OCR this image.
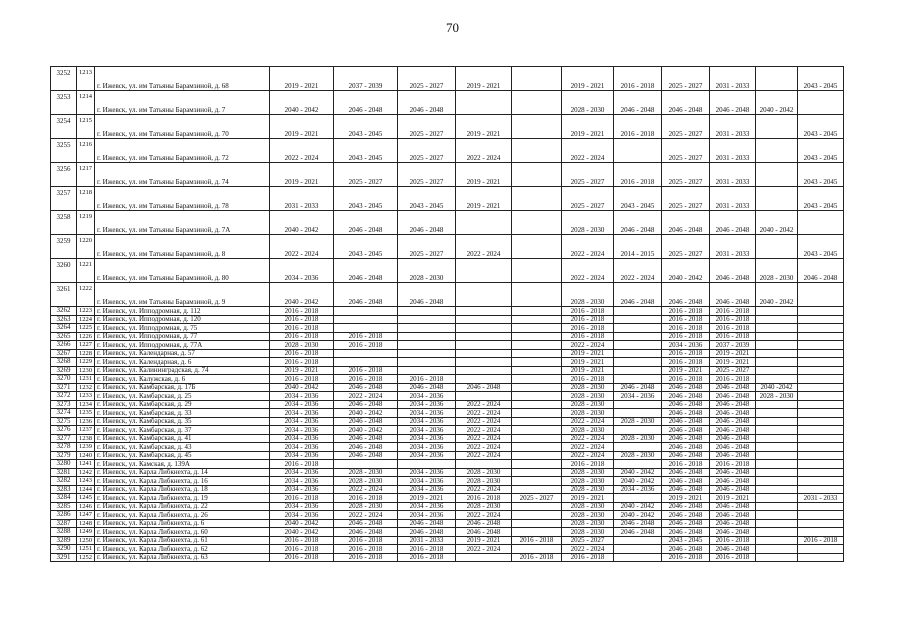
70
3252	1213	г. Ижевск, ул. им Татьяны Барамзиной, д. 68	2019 - 2021	2037 - 2039	2025 - 2027	2019 - 2021		2019 - 2021	2016 - 2018	2025 - 2027	2031 - 2033		2043 - 2045
3253	1214	г. Ижевск, ул. им Татьяны Барамзиной, д. 7	2040 - 2042	2046 - 2048	2046 - 2048			2028 - 2030	2046 - 2048	2046 - 2048	2046 - 2048	2040 - 2042	
3254	1215	г. Ижевск, ул. им Татьяны Барамзиной, д. 70	2019 - 2021	2043 - 2045	2025 - 2027	2019 - 2021		2019 - 2021	2016 - 2018	2025 - 2027	2031 - 2033		2043 - 2045
3255	1216	г. Ижевск, ул. им Татьяны Барамзиной, д. 72	2022 - 2024	2043 - 2045	2025 - 2027	2022 - 2024		2022 - 2024		2025 - 2027	2031 - 2033		2043 - 2045
3256	1217	г. Ижевск, ул. им Татьяны Барамзиной, д. 74	2019 - 2021	2025 - 2027	2025 - 2027	2019 - 2021		2025 - 2027	2016 - 2018	2025 - 2027	2031 - 2033		2043 - 2045
3257	1218	г. Ижевск, ул. им Татьяны Барамзиной, д. 78	2031 - 2033	2043 - 2045	2043 - 2045	2019 - 2021		2025 - 2027	2043 - 2045	2025 - 2027	2031 - 2033		2043 - 2045
3258	1219	г. Ижевск, ул. им Татьяны Барамзиной, д. 7А	2040 - 2042	2046 - 2048	2046 - 2048			2028 - 2030	2046 - 2048	2046 - 2048	2046 - 2048	2040 - 2042	
3259	1220	г. Ижевск, ул. им Татьяны Барамзиной, д. 8	2022 - 2024	2043 - 2045	2025 - 2027	2022 - 2024		2022 - 2024	2014 - 2015	2025 - 2027	2031 - 2033		2043 - 2045
3260	1221	г. Ижевск, ул. им Татьяны Барамзиной, д. 80	2034 - 2036	2046 - 2048	2028 - 2030			2022 - 2024	2022 - 2024	2040 - 2042	2046 - 2048	2028 - 2030	2046 - 2048
3261	1222	г. Ижевск, ул. им Татьяны Барамзиной, д. 9	2040 - 2042	2046 - 2048	2046 - 2048			2028 - 2030	2046 - 2048	2046 - 2048	2046 - 2048	2040 - 2042	
3262	1223	г. Ижевск, ул. Ипподромная, д. 112	2016 - 2018					2016 - 2018		2016 - 2018	2016 - 2018		
3263	1224	г. Ижевск, ул. Ипподромная, д. 120	2016 - 2018					2016 - 2018		2016 - 2018	2016 - 2018		
3264	1225	г. Ижевск, ул. Ипподромная, д. 75	2016 - 2018					2016 - 2018		2016 - 2018	2016 - 2018		
3265	1226	г. Ижевск, ул. Ипподромная, д. 77	2016 - 2018	2016 - 2018				2016 - 2018		2016 - 2018	2016 - 2018		
3266	1227	г. Ижевск, ул. Ипподромная, д. 77А	2028 - 2030	2016 - 2018				2022 - 2024		2034 - 2036	2037 - 2039		
3267	1228	г. Ижевск, ул. Календарная, д. 57	2016 - 2018					2019 - 2021		2016 - 2018	2019 - 2021		
3268	1229	г. Ижевск, ул. Календарная, д. 6	2016 - 2018					2019 - 2021		2016 - 2018	2019 - 2021		
3269	1230	г. Ижевск, ул. Калининградская, д. 74	2019 - 2021	2016 - 2018				2019 - 2021		2019 - 2021	2025 - 2027		
3270	1231	г. Ижевск, ул. Калужская, д. 6	2016 - 2018	2016 - 2018	2016 - 2018			2016 - 2018		2016 - 2018	2016 - 2018		
3271	1232	г. Ижевск, ул. Камбарская, д. 17Б	2040 - 2042	2046 - 2048	2046 - 2048	2046 - 2048		2028 - 2030	2046 - 2048	2046 - 2048	2046 - 2048	2040 -2042	
3272	1233	г. Ижевск, ул. Камбарская, д. 25	2034 - 2036	2022 - 2024	2034 - 2036			2028 - 2030	2034 - 2036	2046 - 2048	2046 - 2048	2028 - 2030	
3273	1234	г. Ижевск, ул. Камбарская, д. 29	2034 - 2036	2046 - 2048	2034 - 2036	2022 - 2024		2028 - 2030		2046 - 2048	2046 - 2048		
3274	1235	г. Ижевск, ул. Камбарская, д. 33	2034 - 2036	2040 - 2042	2034 - 2036	2022 - 2024		2028 - 2030		2046 - 2048	2046 - 2048		
3275	1236	г. Ижевск, ул. Камбарская, д. 35	2034 - 2036	2046 - 2048	2034 - 2036	2022 - 2024		2022 - 2024	2028 - 2030	2046 - 2048	2046 - 2048		
3276	1237	г. Ижевск, ул. Камбарская, д. 37	2034 - 2036	2040 - 2042	2034 - 2036	2022 - 2024		2028 - 2030		2046 - 2048	2046 - 2048		
3277	1238	г. Ижевск, ул. Камбарская, д. 41	2034 - 2036	2046 - 2048	2034 - 2036	2022 - 2024		2022 - 2024	2028 - 2030	2046 - 2048	2046 - 2048		
3278	1239	г. Ижевск, ул. Камбарская, д. 43	2034 - 2036	2046 - 2048	2034 - 2036	2022 - 2024		2022 - 2024		2046 - 2048	2046 - 2048		
3279	1240	г. Ижевск, ул. Камбарская, д. 45	2034 - 2036	2046 - 2048	2034 - 2036	2022 - 2024		2022 - 2024	2028 - 2030	2046 - 2048	2046 - 2048		
3280	1241	г. Ижевск, ул. Камская, д. 139А	2016 - 2018					2016 - 2018		2016 - 2018	2016 - 2018		
3281	1242	г. Ижевск, ул. Карла Либкнехта, д. 14	2034 - 2036	2028 - 2030	2034 - 2036	2028 - 2030		2028 - 2030	2040 - 2042	2046 - 2048	2046 - 2048		
3282	1243	г. Ижевск, ул. Карла Либкнехта, д. 16	2034 - 2036	2028 - 2030	2034 - 2036	2028 - 2030		2028 - 2030	2040 - 2042	2046 - 2048	2046 - 2048		
3283	1244	г. Ижевск, ул. Карла Либкнехта, д. 18	2034 - 2036	2022 - 2024	2034 - 2036	2022 - 2024		2028 - 2030	2034 - 2036	2046 - 2048	2046 - 2048		
3284	1245	г. Ижевск, ул. Карла Либкнехта, д. 19	2016 - 2018	2016 - 2018	2019 - 2021	2016 - 2018	2025 - 2027	2019 - 2021		2019 - 2021	2019 - 2021		2031 - 2033
3285	1246	г. Ижевск, ул. Карла Либкнехта, д. 22	2034 - 2036	2028 - 2030	2034 - 2036	2028 - 2030		2028 - 2030	2040 - 2042	2046 - 2048	2046 - 2048		
3286	1247	г. Ижевск, ул. Карла Либкнехта, д. 26	2034 - 2036	2022 - 2024	2034 - 2036	2022 - 2024		2028 - 2030	2040 - 2042	2046 - 2048	2046 - 2048		
3287	1248	г. Ижевск, ул. Карла Либкнехта, д. 6	2040 - 2042	2046 - 2048	2046 - 2048	2046 - 2048		2028 - 2030	2046 - 2048	2046 - 2048	2046 - 2048		
3288	1249	г. Ижевск, ул. Карла Либкнехта, д. 60	2040 - 2042	2046 - 2048	2046 - 2048	2046 - 2048		2028 - 2030	2046 - 2048	2046 - 2048	2046 - 2048		
3289	1250	г. Ижевск, ул. Карла Либкнехта, д. 61	2016 - 2018	2016 - 2018	2031 - 2033	2019 - 2021	2016 - 2018	2025 - 2027		2043 - 2045	2016 - 2018		2016 - 2018
3290	1251	г. Ижевск, ул. Карла Либкнехта, д. 62	2016 - 2018	2016 - 2018	2016 - 2018	2022 - 2024		2022 - 2024		2046 - 2048	2046 - 2048		
3291	1252	г. Ижевск, ул. Карла Либкнехта, д. 63	2016 - 2018	2016 - 2018	2016 - 2018		2016 - 2018	2016 - 2018		2016 - 2018	2016 - 2018		
